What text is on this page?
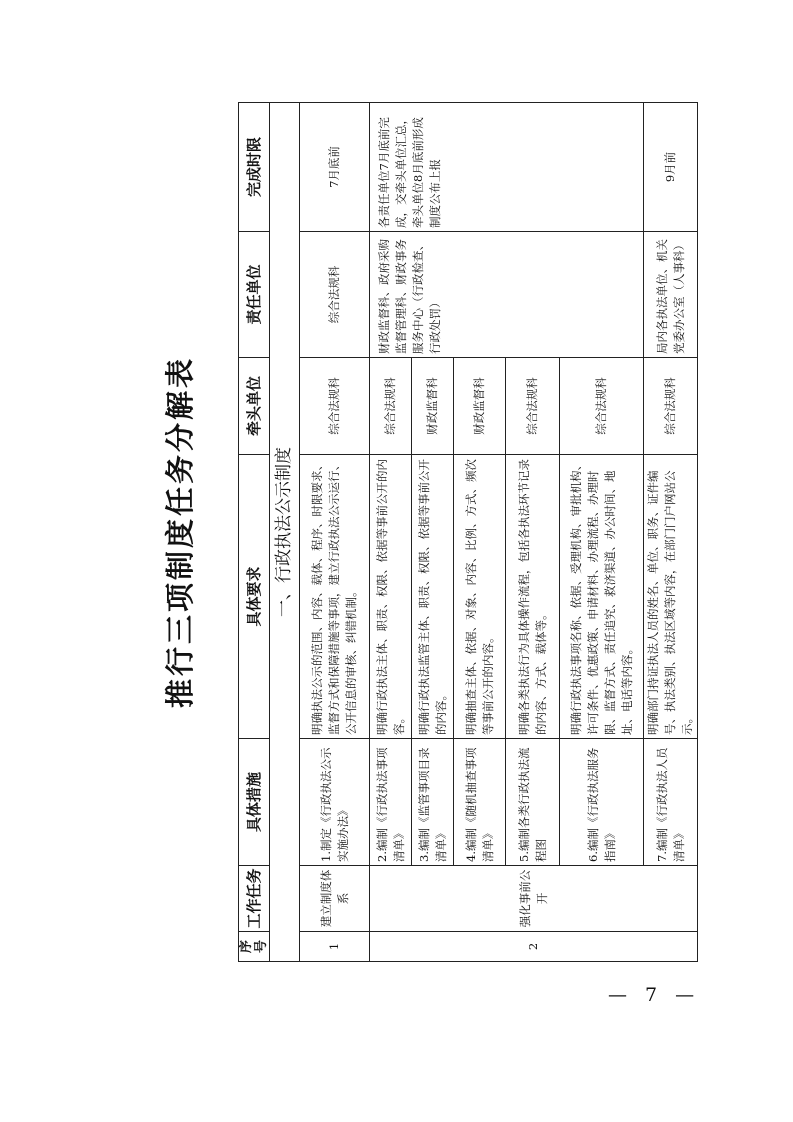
推行三项制度任务分解表
序 号	工作任务	具体措施	具体要求	牵头单位	责任单位	完成时限
一、行政执法公示制度						
1	建立制度体系	1.制定《行政执法公示实施办法》	明确执法公示的范围、内容、载体、程序、时限要求、监督方式和保障措施等事项，建立行政执法公示运行、公开信息的审核、纠错机制。	综合法规科	综合法规科	7月底前
2	强化事前公开	2.编制《行政执法事项清单》	明确行政执法主体、职责、权限、依据等事前公开的内容。	综合法规科	财政监督科、政府采购监督管理科、财政事务服务中心（行政检查、行政处罚）	各责任单位7月底前完成，交牵头单位汇总，牵头单位8月底前形成制度公布上报
		3.编制《监管事项目录清单》	明确行政执法监管主体、职责、权限、依据等事前公开的内容。	财政监督科		
		4.编制《随机抽查事项清单》	明确抽查主体、依据、对象、内容、比例、方式、频次等事前公开的内容。	财政监督科		
		5.编制各类行政执法流程图	明确各类执法行为具体操作流程，包括各执法环节记录的内容、方式、载体等。	综合法规科		
		6.编制《行政执法服务指南》	明确行政执法事项名称、依据、受理机构、审批机构、许可条件、优惠政策、申请材料、办理流程、办理时限、监督方式、责任追究、救济渠道、办公时间、地址、电话等内容。	综合法规科		
		7.编制《行政执法人员清单》	明确部门持证执法人员的姓名、单位、职务、证件编号、执法类别、执法区域等内容，在部门门户网站公示。	综合法规科	局内各执法单位、机关党委办公室（人事科）	9月前
— 7 —
